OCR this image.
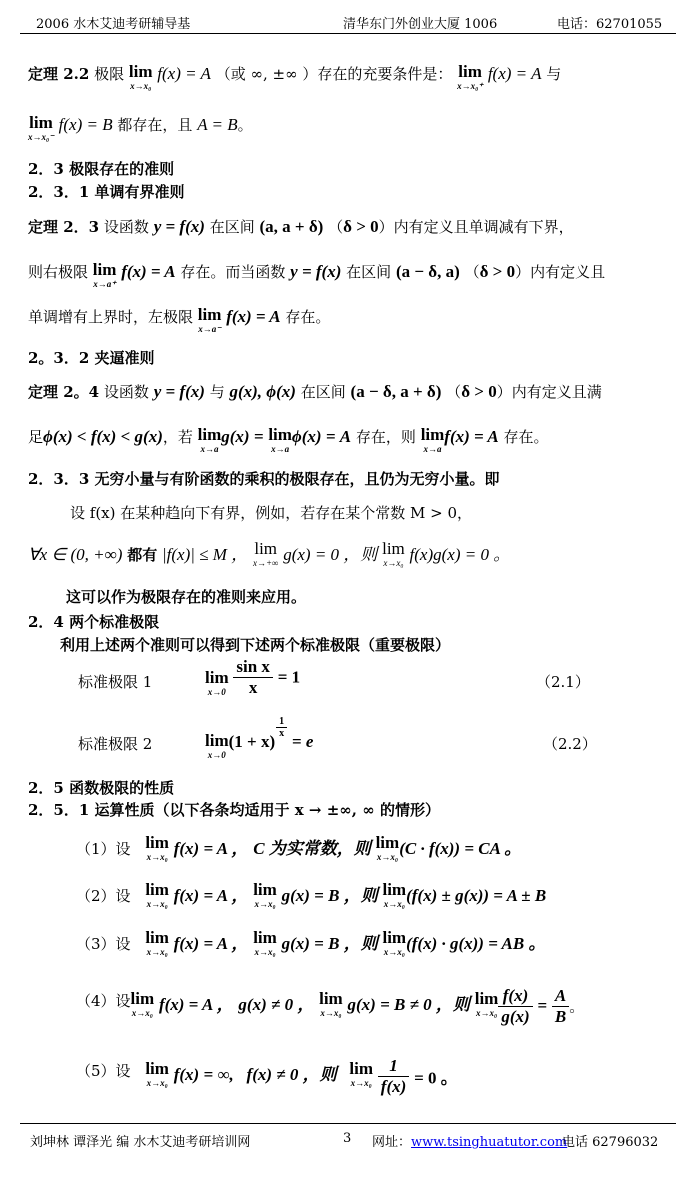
2006 水木艾迪考研辅导基	清华东门外创业大厦 1006	电话：62701055
定理 2.2 极限 lim
x→x₀
f(x) = A （或 ∞, ±∞ ）存在的充要条件是： lim
x→x₀⁺
f(x) = A 与
lim
x→x₀⁻
f(x) = B 都存在，且 A = B。
2．3 极限存在的准则
2．3．1 单调有界准则
定理 2．3 设函数 y = f(x) 在区间 (a, a + δ) （δ > 0）内有定义且单调减有下界，
则右极限 lim
x→a⁺
f(x) = A 存在。而当函数 y = f(x) 在区间 (a − δ, a) （δ > 0）内有定义且
单调增有上界时，左极限 lim
x→a⁻
f(x) = A 存在。
2。3．2 夹逼准则
定理 2。4 设函数 y = f(x) 与 g(x), ϕ(x) 在区间 (a − δ, a + δ) （δ > 0）内有定义且满
足ϕ(x) < f(x) < g(x)，若 lim
x→a
g(x) = lim
x→a
ϕ(x) = A 存在，则 lim
x→a
f(x) = A 存在。
2．3．3 无穷小量与有阶函数的乘积的极限存在，且仍为无穷小量。即
设 f(x) 在某种趋向下有界，例如，若存在某个常数 M > 0，
∀x ∈ (0, +∞) 都有 |f(x)| ≤ M ， lim
x→+∞ g(x) = 0 ，则 lim
x→x₀ f(x)g(x) = 0 。
这可以作为极限存在的准则来应用。
2．4 两个标准极限
利用上述两个准则可以得到下述两个标准极限（重要极限）
标准极限 1	lim
x→0
$\frac{\text{sin x}}{x} = 1$	（2.1）
标准极限 2	lim
x→0
(1 + x)
$\frac{1}{x}$
= e	（2.2）
2．5 函数极限的性质
2．5．1 运算性质（以下各条均适用于 x → ±∞, ∞ 的情形）
（1）设 lim
x→x₀ f(x) = A ， C 为实常数，则 lim
x→x₀ (C · f(x)) = CA 。
（2）设 lim
x→x₀ f(x) = A ， lim
x→x₀ g(x) = B ，则 lim
x→x₀ (f(x) ± g(x)) = A ± B
（3）设 lim
x→x₀ f(x) = A ， lim
x→x₀ g(x) = B ，则 lim
x→x₀ (f(x) · g(x)) = AB 。
（4）设 lim
x→x₀ f(x) = A ， g(x) ≠ 0 ， lim
x→x₀ g(x) = B ≠ 0 ，则 lim
$x\to x_0 \frac{f(x)}{g(x)} = \frac{A}{B}$ 。
（5）设 lim
x→x₀ f(x) = ∞, f(x) ≠ 0 ，则 lim
x→x₀
$\frac{1}{f(x)} = 0$ 。
刘坤林 谭泽光 编 水木艾迪考研培训网	3 网址：www.tsinghuatutor.com
电话 62796032
